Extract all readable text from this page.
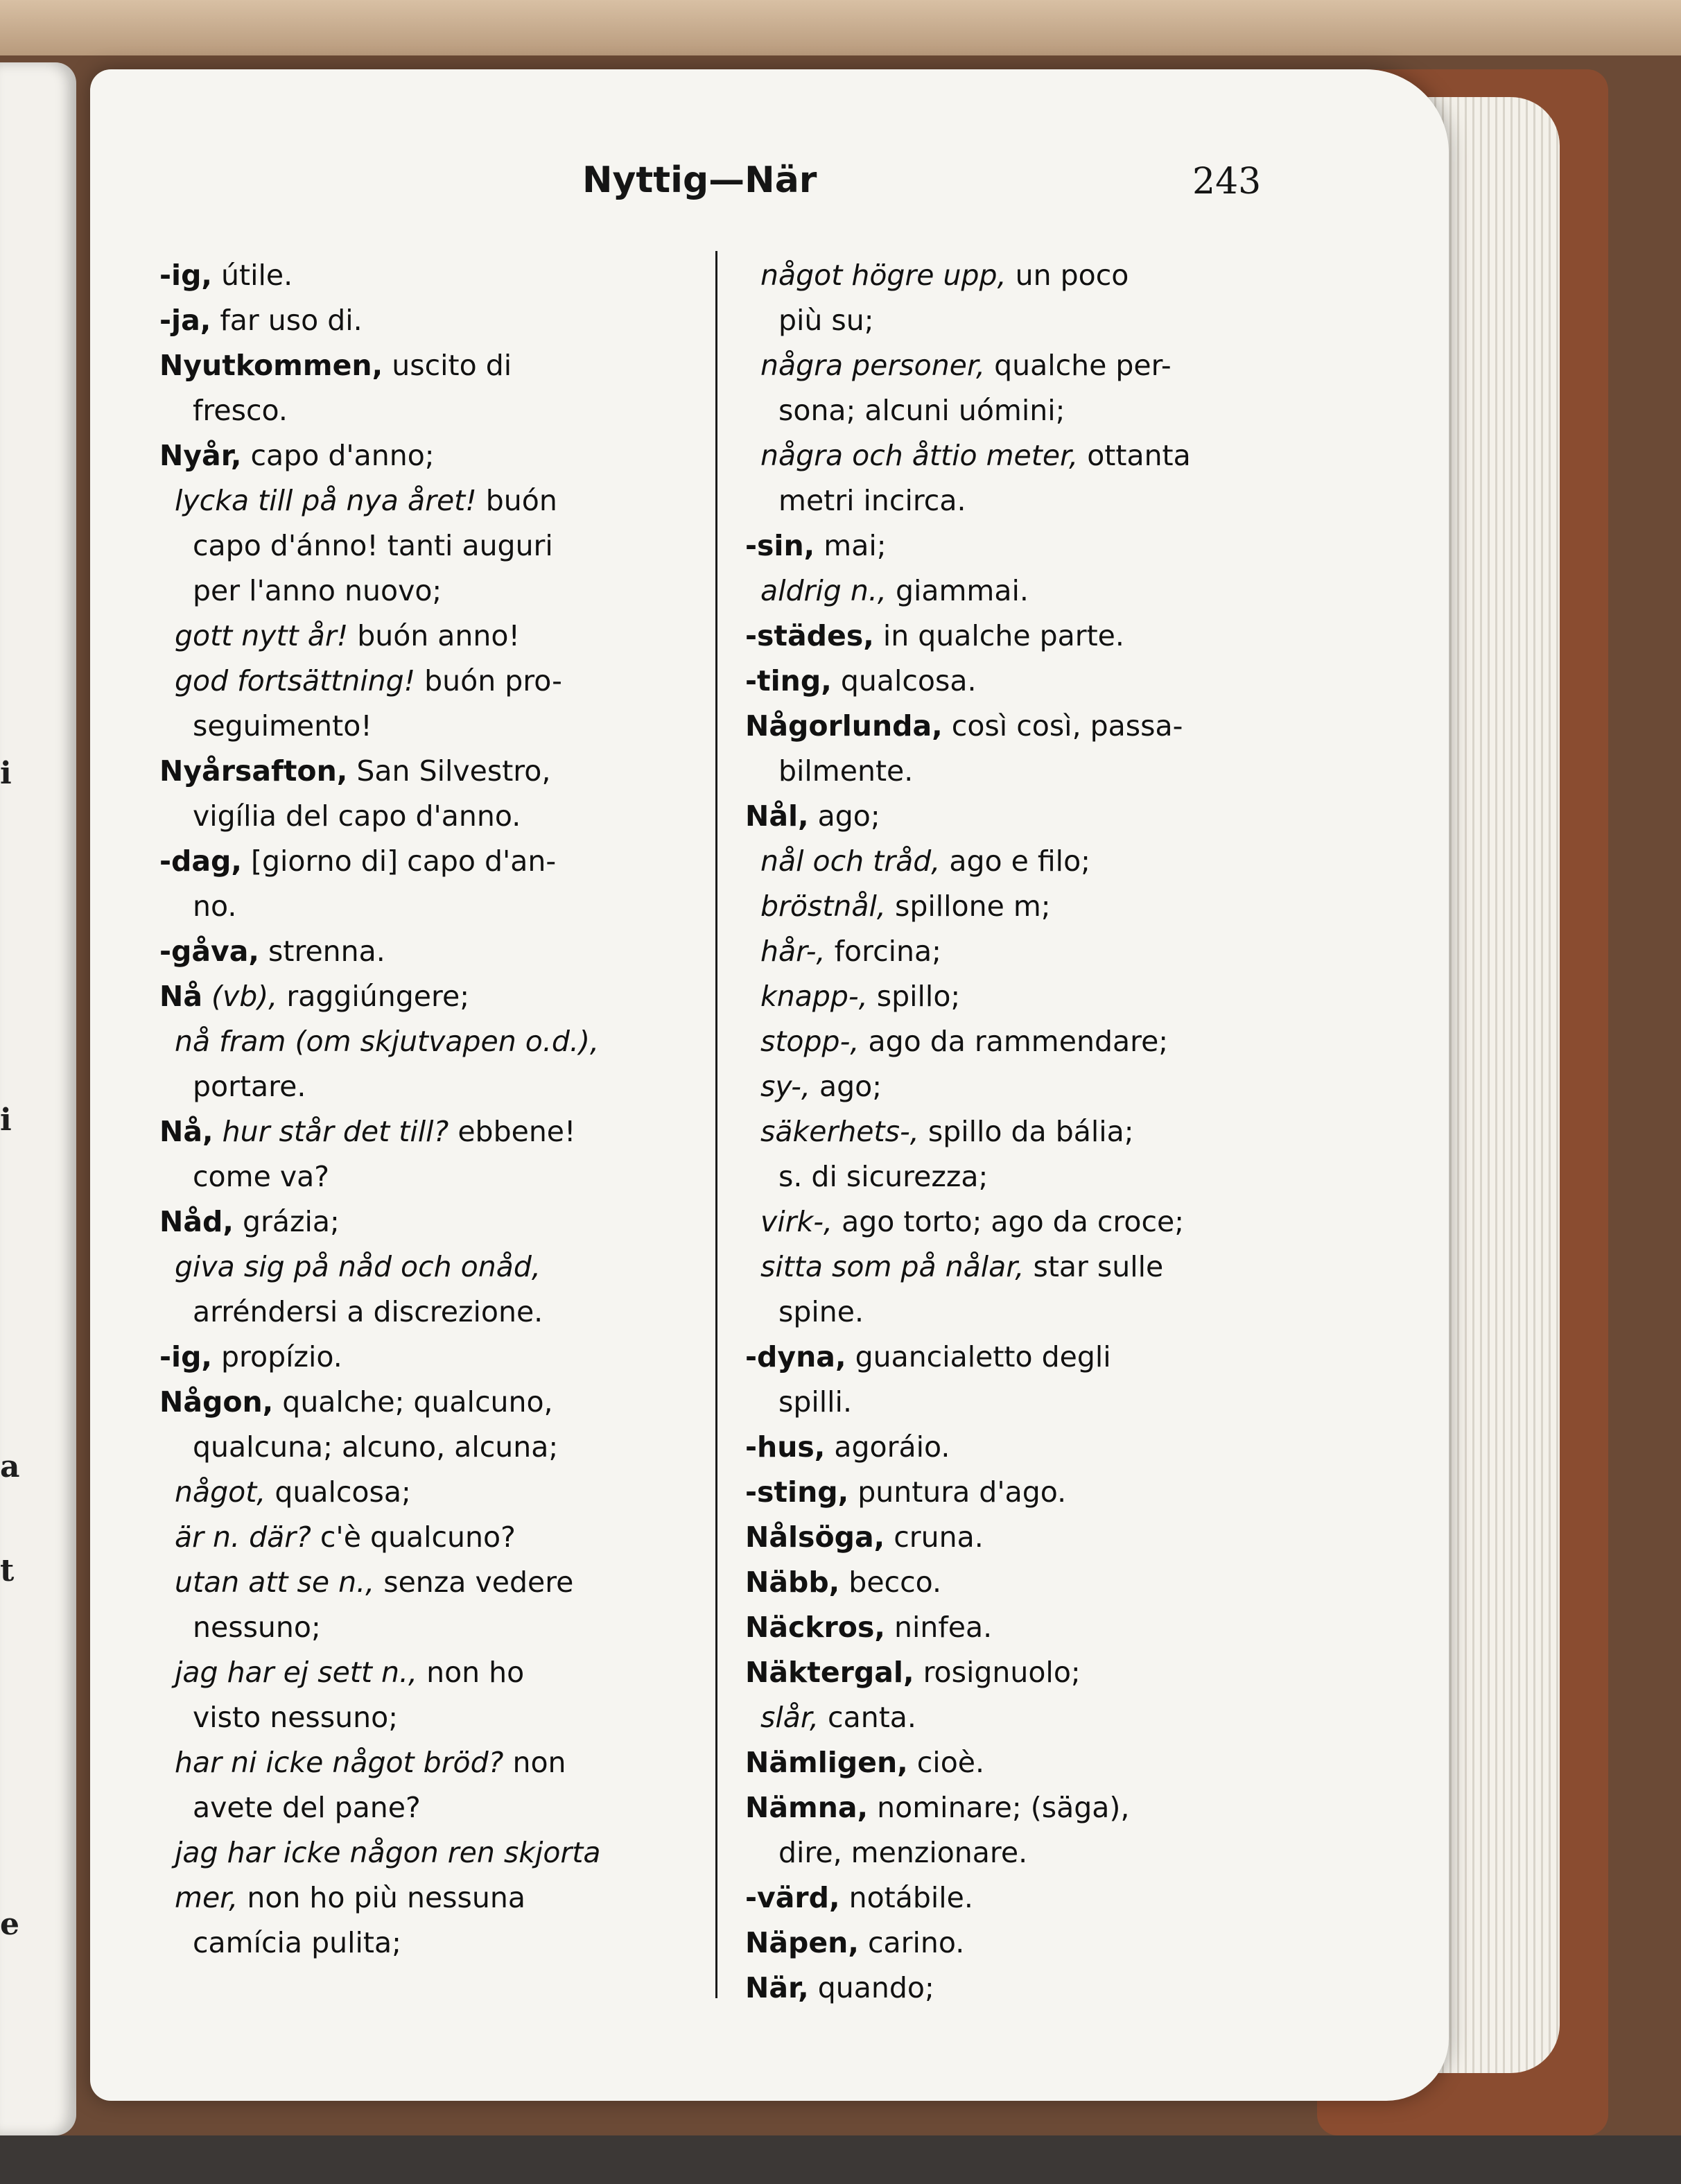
i
i
a
t
e
Nyttig—När	243
-ig, útile.
-ja, far uso di.
Nyutkommen, uscito di
fresco.
Nyår, capo d'anno;
lycka till på nya året! buón
capo d'ánno! tanti auguri
per l'anno nuovo;
gott nytt år! buón anno!
god fortsättning! buón pro-
seguimento!
Nyårsafton, San Silvestro,
vigília del capo d'anno.
-dag, [giorno di] capo d'an-
no.
-gåva, strenna.
Nå (vb), raggiúngere;
nå fram (om skjutvapen o.d.),
portare.
Nå, hur står det till? ebbene!
come va?
Nåd, grázia;
giva sig på nåd och onåd,
arréndersi a discrezione.
-ig, propízio.
Någon, qualche; qualcuno,
qualcuna; alcuno, alcuna;
något, qualcosa;
är n. där? c'è qualcuno?
utan att se n., senza vedere
nessuno;
jag har ej sett n., non ho
visto nessuno;
har ni icke något bröd? non
avete del pane?
jag har icke någon ren skjorta
mer, non ho più nessuna
camícia pulita;
något högre upp, un poco
più su;
några personer, qualche per-
sona; alcuni uómini;
några och åttio meter, ottanta
metri incirca.
-sin, mai;
aldrig n., giammai.
-städes, in qualche parte.
-ting, qualcosa.
Någorlunda, così così, passa-
bilmente.
Nål, ago;
nål och tråd, ago e filo;
bröstnål, spillone m;
hår-, forcina;
knapp-, spillo;
stopp-, ago da rammendare;
sy-, ago;
säkerhets-, spillo da bália;
s. di sicurezza;
virk-, ago torto; ago da croce;
sitta som på nålar, star sulle
spine.
-dyna, guancialetto degli
spilli.
-hus, agoráio.
-sting, puntura d'ago.
Nålsöga, cruna.
Näbb, becco.
Näckros, ninfea.
Näktergal, rosignuolo;
slår, canta.
Nämligen, cioè.
Nämna, nominare; (säga),
dire, menzionare.
-värd, notábile.
Näpen, carino.
När, quando;
